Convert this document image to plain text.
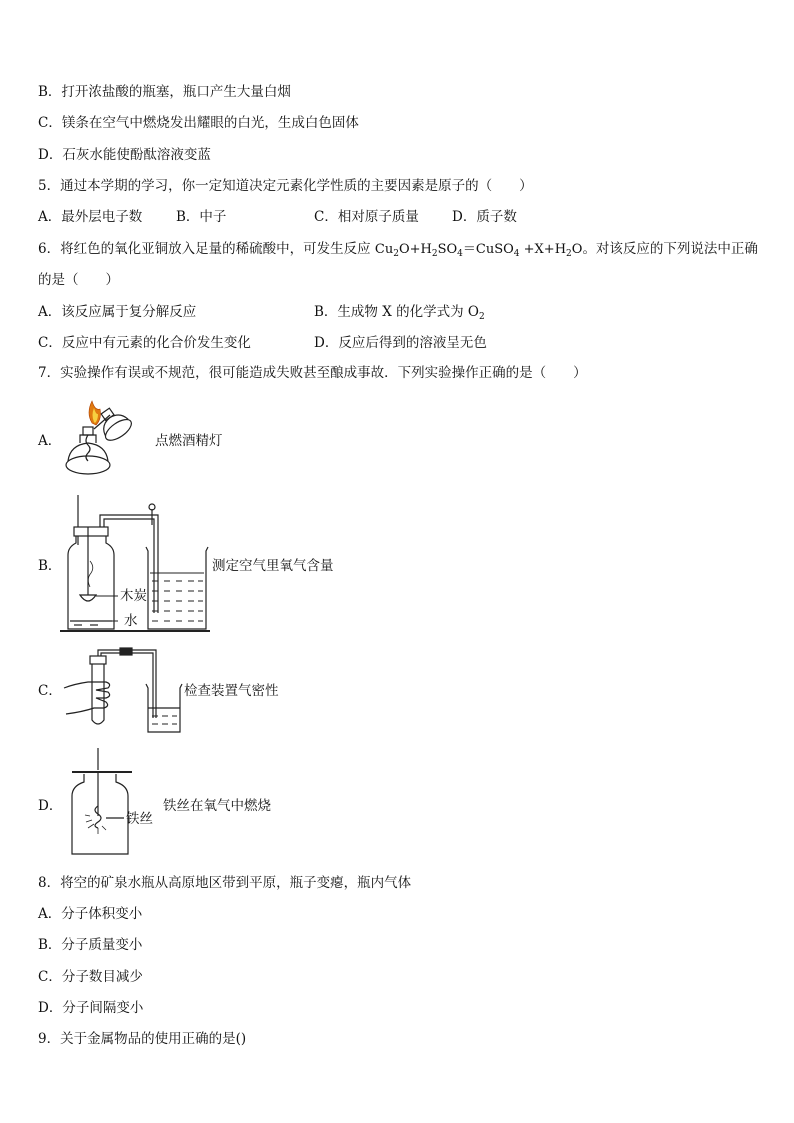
B．打开浓盐酸的瓶塞，瓶口产生大量白烟
C．镁条在空气中燃烧发出耀眼的白光，生成白色固体
D．石灰水能使酚酞溶液变蓝
5．通过本学期的学习，你一定知道决定元素化学性质的主要因素是原子的（　　）
A．最外层电子数	B．中子	C．相对原子质量 D．质子数
6．将红色的氧化亚铜放入足量的稀硫酸中，可发生反应 $Cu_2O+H_2SO_4=CuSO_4 +X+H_2O$。对该反应的下列说法中正确
的是（　　）
A．该反应属于复分解反应	B．生成物 X 的化学式为 $O_2$
C．反应中有元素的化合价发生变化	D．反应后得到的溶液呈无色
7．实验操作有误或不规范，很可能造成失败甚至酿成事故．下列实验操作正确的是（　　）
A．	点燃酒精灯
B．
木炭
水
测定空气里氧气含量
C．	检查装置气密性
D．
铁丝
铁丝在氧气中燃烧
8．将空的矿泉水瓶从高原地区带到平原，瓶子变瘪，瓶内气体
A．分子体积变小
B．分子质量变小
C．分子数目减少
D．分子间隔变小
9．关于金属物品的使用正确的是()
